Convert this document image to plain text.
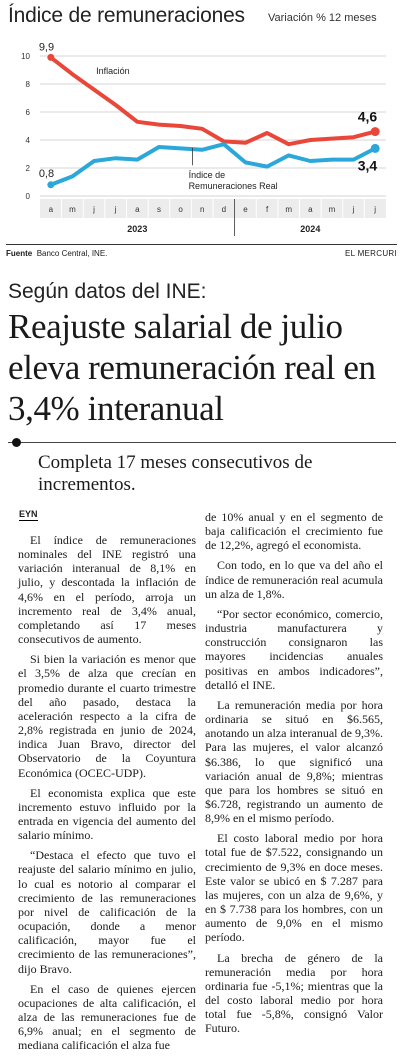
Índice de remuneraciones Variación % 12 meses
0
2
4
6
8
10
a m j j a s o n d e f m a m j j
2023	2024
9,9
4,6
0,8
3,4
Inflación
Índice de
Remuneraciones Real
Fuente Banco Central, INE.	EL MERCURI
Según datos del INE:
Reajuste salarial de julio eleva remuneración real en 3,4% interanual
Completa 17 meses consecutivos de incrementos.
EYN

El índice de remuneraciones nominales del INE registró una variación interanual de 8,1% en julio, y descontada la inflación de 4,6% en el período, arroja un incremento real de 3,4% anual, completando así 17 meses consecutivos de aumento.

Si bien la variación es menor que el 3,5% de alza que crecían en promedio durante el cuarto trimestre del año pasado, destaca la aceleración respecto a la cifra de 2,8% registrada en junio de 2024, indica Juan Bravo, director del Observatorio de la Coyuntura Económica (OCEC-UDP).

El economista explica que este incremento estuvo influido por la entrada en vigencia del aumento del salario mínimo.

“Destaca el efecto que tuvo el reajuste del salario mínimo en julio, lo cual es notorio al comparar el crecimiento de las remuneraciones por nivel de calificación de la ocupación, donde a menor calificación, mayor fue el crecimiento de las remuneraciones”, dijo Bravo.

En el caso de quienes ejercen ocupaciones de alta calificación, el alza de las remuneraciones fue de 6,9% anual; en el segmento de mediana calificación el alza fue

de 10% anual y en el segmento de baja calificación el crecimiento fue de 12,2%, agregó el economista.

Con todo, en lo que va del año el índice de remuneración real acumula un alza de 1,8%.

“Por sector económico, comercio, industria manufacturera y construcción consignaron las mayores incidencias anuales positivas en ambos indicadores”, detalló el INE.

La remuneración media por hora ordinaria se situó en $6.565, anotando un alza interanual de 9,3%. Para las mujeres, el valor alcanzó $6.386, lo que significó una variación anual de 9,8%; mientras que para los hombres se situó en $6.728, registrando un aumento de 8,9% en el mismo período.

El costo laboral medio por hora total fue de $7.522, consignando un crecimiento de 9,3% en doce meses. Este valor se ubicó en $ 7.287 para las mujeres, con un alza de 9,6%, y en $ 7.738 para los hombres, con un aumento de 9,0% en el mismo período.

La brecha de género de la remuneración media por hora ordinaria fue -5,1%; mientras que la del costo laboral medio por hora total fue -5,8%, consignó Valor Futuro.
